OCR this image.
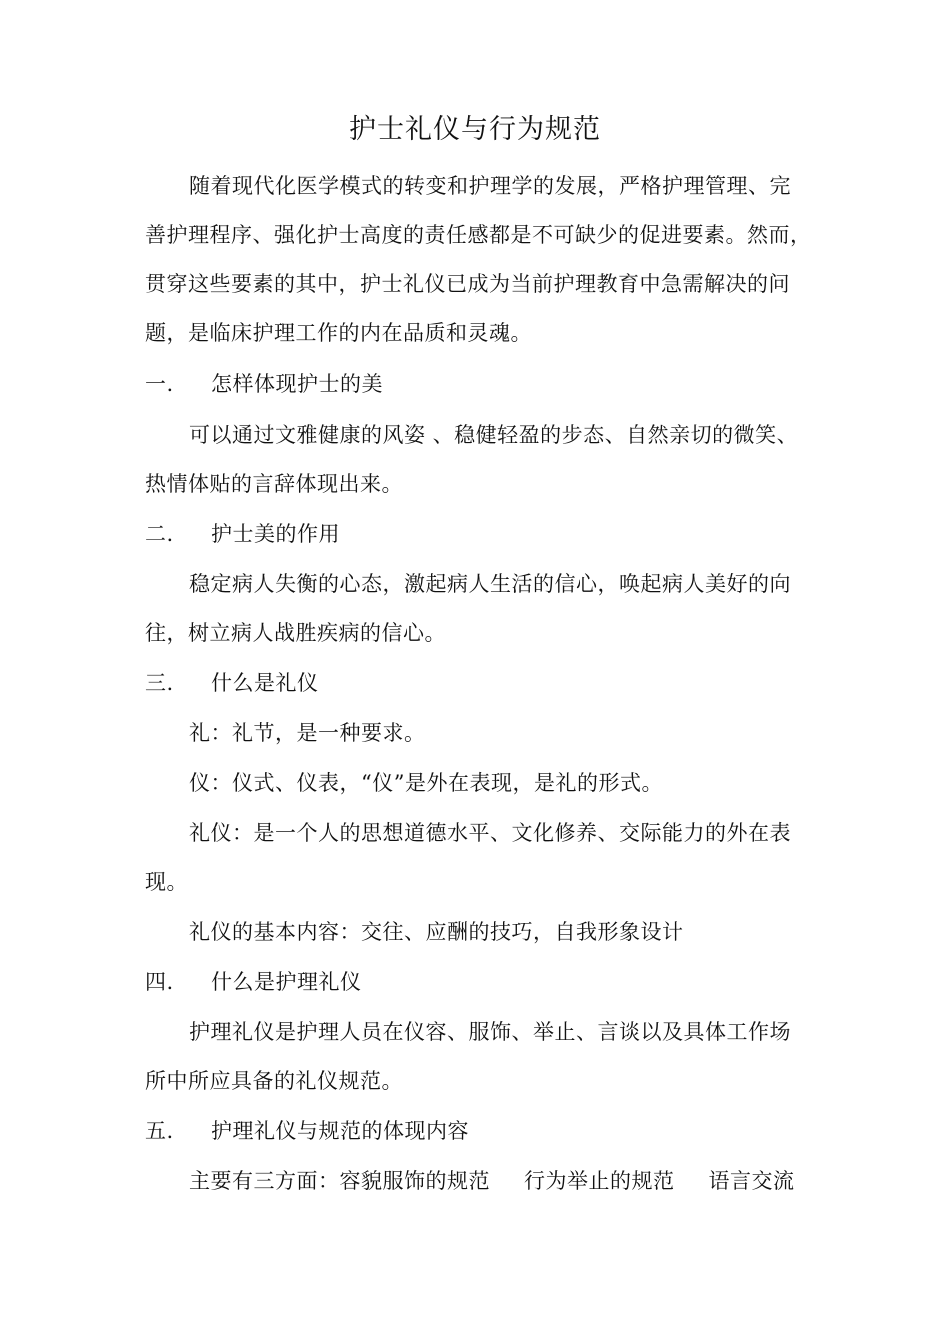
护士礼仪与行为规范
随着现代化医学模式的转变和护理学的发展，严格护理管理、完
善护理程序、强化护士高度的责任感都是不可缺少的促进要素。然而，
贯穿这些要素的其中，护士礼仪已成为当前护理教育中急需解决的问
题，是临床护理工作的内在品质和灵魂。
一. 怎样体现护士的美
可以通过文雅健康的风姿 、稳健轻盈的步态、自然亲切的微笑、
热情体贴的言辞体现出来。
二. 护士美的作用
稳定病人失衡的心态，激起病人生活的信心，唤起病人美好的向
往，树立病人战胜疾病的信心。
三. 什么是礼仪
礼：礼节，是一种要求。
仪：仪式、仪表，“仪”是外在表现，是礼的形式。
礼仪：是一个人的思想道德水平、文化修养、交际能力的外在表
现。
礼仪的基本内容：交往、应酬的技巧，自我形象设计
四. 什么是护理礼仪
护理礼仪是护理人员在仪容、服饰、举止、言谈以及具体工作场
所中所应具备的礼仪规范。
五. 护理礼仪与规范的体现内容
主要有三方面：容貌服饰的规范 行为举止的规范 语言交流
